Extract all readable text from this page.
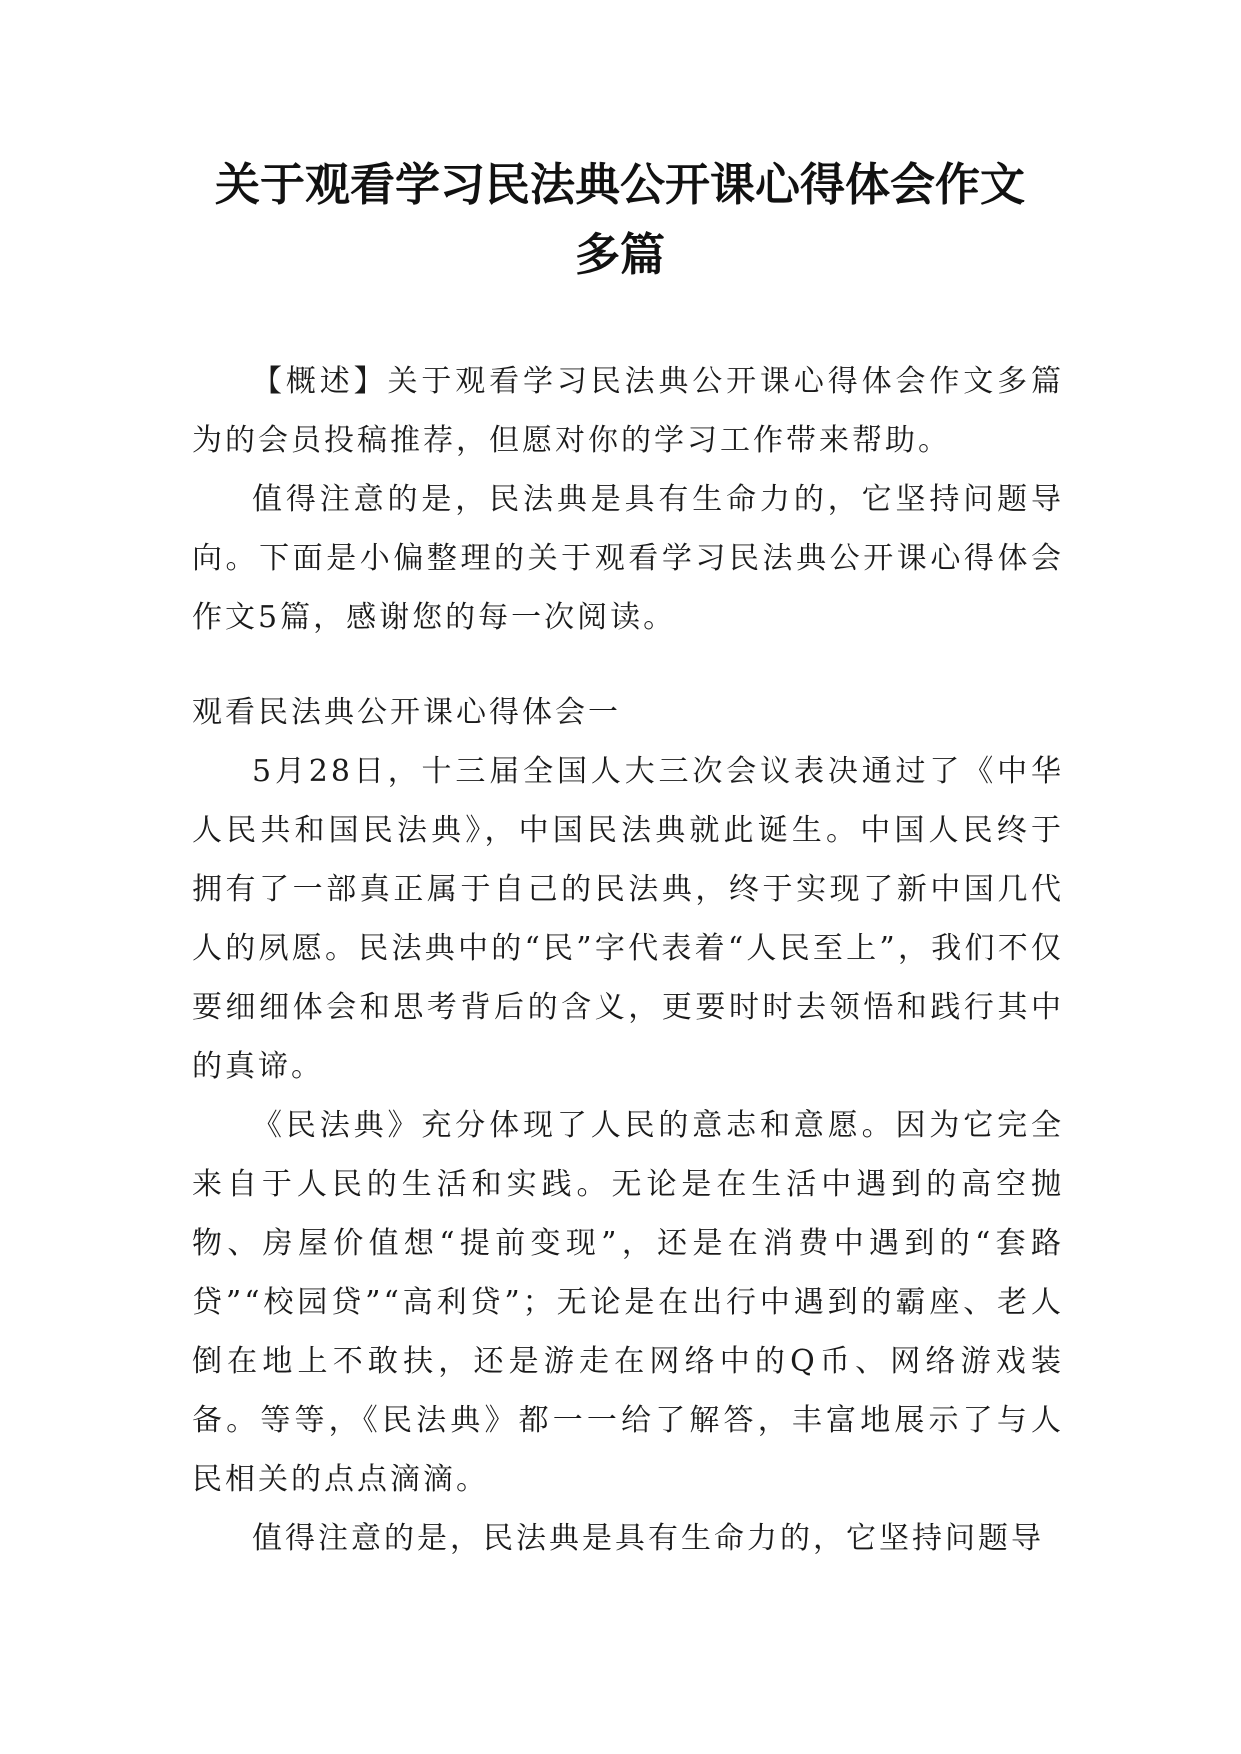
关于观看学习民法典公开课心得体会作文
多篇

【概述】关于观看学习民法典公开课心得体会作文多篇为的会员投稿推荐，但愿对你的学习工作带来帮助。

值得注意的是，民法典是具有生命力的，它坚持问题导向。下面是小偏整理的关于观看学习民法典公开课心得体会作文5篇，感谢您的每一次阅读。

观看民法典公开课心得体会一

5月28日，十三届全国人大三次会议表决通过了《中华人民共和国民法典》，中国民法典就此诞生。中国人民终于拥有了一部真正属于自己的民法典，终于实现了新中国几代人的夙愿。民法典中的“民”字代表着“人民至上”，我们不仅要细细体会和思考背后的含义，更要时时去领悟和践行其中的真谛。

《民法典》充分体现了人民的意志和意愿。因为它完全来自于人民的生活和实践。无论是在生活中遇到的高空抛物、房屋价值想“提前变现”，还是在消费中遇到的“套路贷”“校园贷”“高利贷”；无论是在出行中遇到的霸座、老人倒在地上不敢扶，还是游走在网络中的Q币、网络游戏装备。等等，《民法典》都一一给了解答，丰富地展示了与人民相关的点点滴滴。

值得注意的是，民法典是具有生命力的，它坚持问题导
